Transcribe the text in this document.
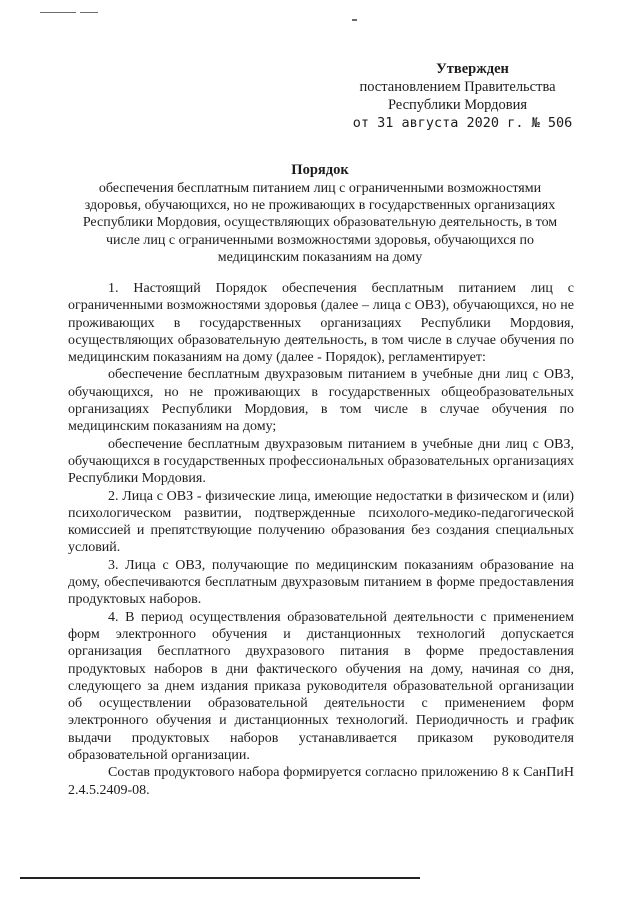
Утвержден
постановлением Правительства
Республики Мордовия
от 31 августа 2020 г. № 506
Порядок
обеспечения бесплатным питанием лиц с ограниченными возможностями здоровья, обучающихся, но не проживающих в государственных организациях Республики Мордовия, осуществляющих образовательную деятельность, в том числе лиц с ограниченными возможностями здоровья, обучающихся по медицинским показаниям на дому

1. Настоящий Порядок обеспечения бесплатным питанием лиц с ограниченными возможностями здоровья (далее – лица с ОВЗ), обучающихся, но не проживающих в государственных организациях Республики Мордовия, осуществляющих образовательную деятельность, в том числе в случае обучения по медицинским показаниям на дому (далее - Порядок), регламентирует:

обеспечение бесплатным двухразовым питанием в учебные дни лиц с ОВЗ, обучающихся, но не проживающих в государственных общеобразовательных организациях Республики Мордовия, в том числе в случае обучения по медицинским показаниям на дому;

обеспечение бесплатным двухразовым питанием в учебные дни лиц с ОВЗ, обучающихся в государственных профессиональных образовательных организациях Республики Мордовия.

2. Лица с ОВЗ - физические лица, имеющие недостатки в физическом и (или) психологическом развитии, подтвержденные психолого-медико-педагогической комиссией и препятствующие получению образования без создания специальных условий.

3. Лица с ОВЗ, получающие по медицинским показаниям образование на дому, обеспечиваются бесплатным двухразовым питанием в форме предоставления продуктовых наборов.

4. В период осуществления образовательной деятельности с применением форм электронного обучения и дистанционных технологий допускается организация бесплатного двухразового питания в форме предоставления продуктовых наборов в дни фактического обучения на дому, начиная со дня, следующего за днем издания приказа руководителя образовательной организации об осуществлении образовательной деятельности с применением форм электронного обучения и дистанционных технологий. Периодичность и график выдачи продуктовых наборов устанавливается приказом руководителя образовательной организации.

Состав продуктового набора формируется согласно приложению 8 к СанПиН 2.4.5.2409-08.
